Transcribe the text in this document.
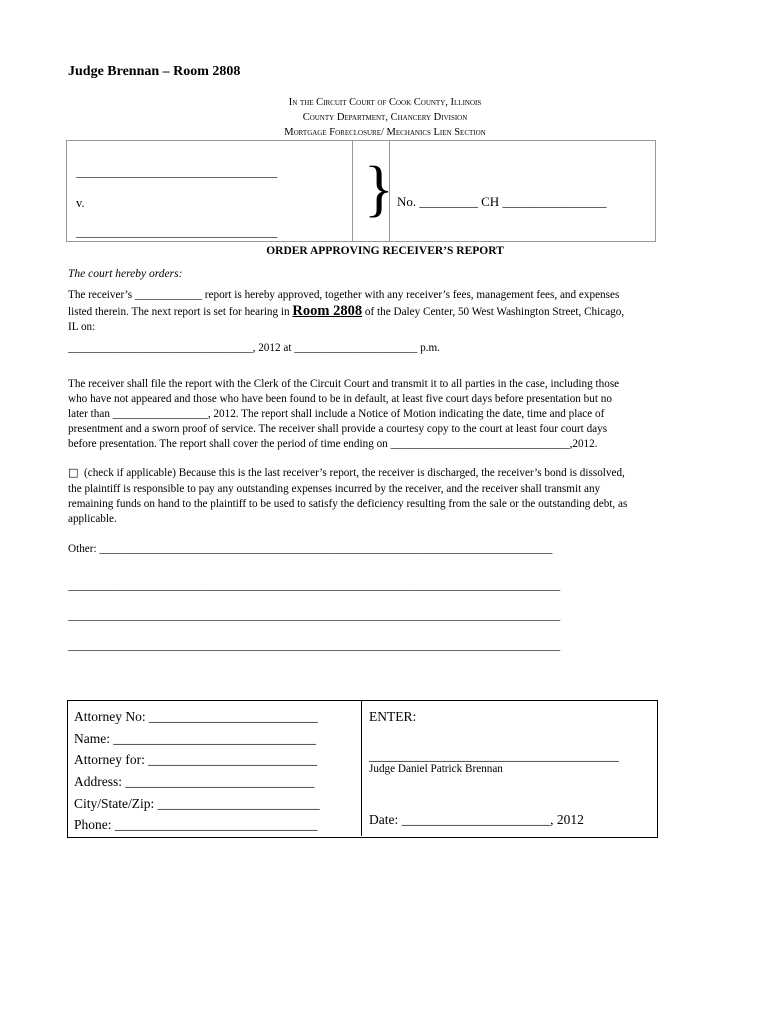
Judge Brennan – Room 2808
In the Circuit Court of Cook County, Illinois
County Department, Chancery Division
Mortgage Foreclosure/ Mechanics Lien Section
___________________________________
v.
___________________________________
} No. _________ CH ________________
ORDER APPROVING RECEIVER’S REPORT
The court hereby orders:
The receiver’s ____________ report is hereby approved, together with any receiver’s fees, management fees, and expenses
listed therein. The next report is set for hearing in Room 2808 of the Daley Center, 50 West Washington Street, Chicago,
IL on:
_________________________________, 2012 at ______________________ p.m.
The receiver shall file the report with the Clerk of the Circuit Court and transmit it to all parties in the case, including those
who have not appeared and those who have been found to be in default, at least five court days before presentation but no
later than _________________, 2012. The report shall include a Notice of Motion indicating the date, time and place of
presentment and a sworn proof of service. The receiver shall provide a courtesy copy to the court at least four court days
before presentation. The report shall cover the period of time ending on ________________________________,2012.
□ (check if applicable) Because this is the last receiver’s report, the receiver is discharged, the receiver’s bond is dissolved,
the plaintiff is responsible to pay any outstanding expenses incurred by the receiver, and the receiver shall transmit any
remaining funds on hand to the plaintiff to be used to satisfy the deficiency resulting from the sale or the outstanding debt, as
applicable.
Other: _________________________________________________________________________________
________________________________________________________________________________________
________________________________________________________________________________________
________________________________________________________________________________________
Attorney No: _________________________
Name: ______________________________
Attorney for: _________________________
Address: ____________________________
City/State/Zip: ________________________
Phone: ______________________________
ENTER:
_____________________________________
Judge Daniel Patrick Brennan
Date: ______________________, 2012
